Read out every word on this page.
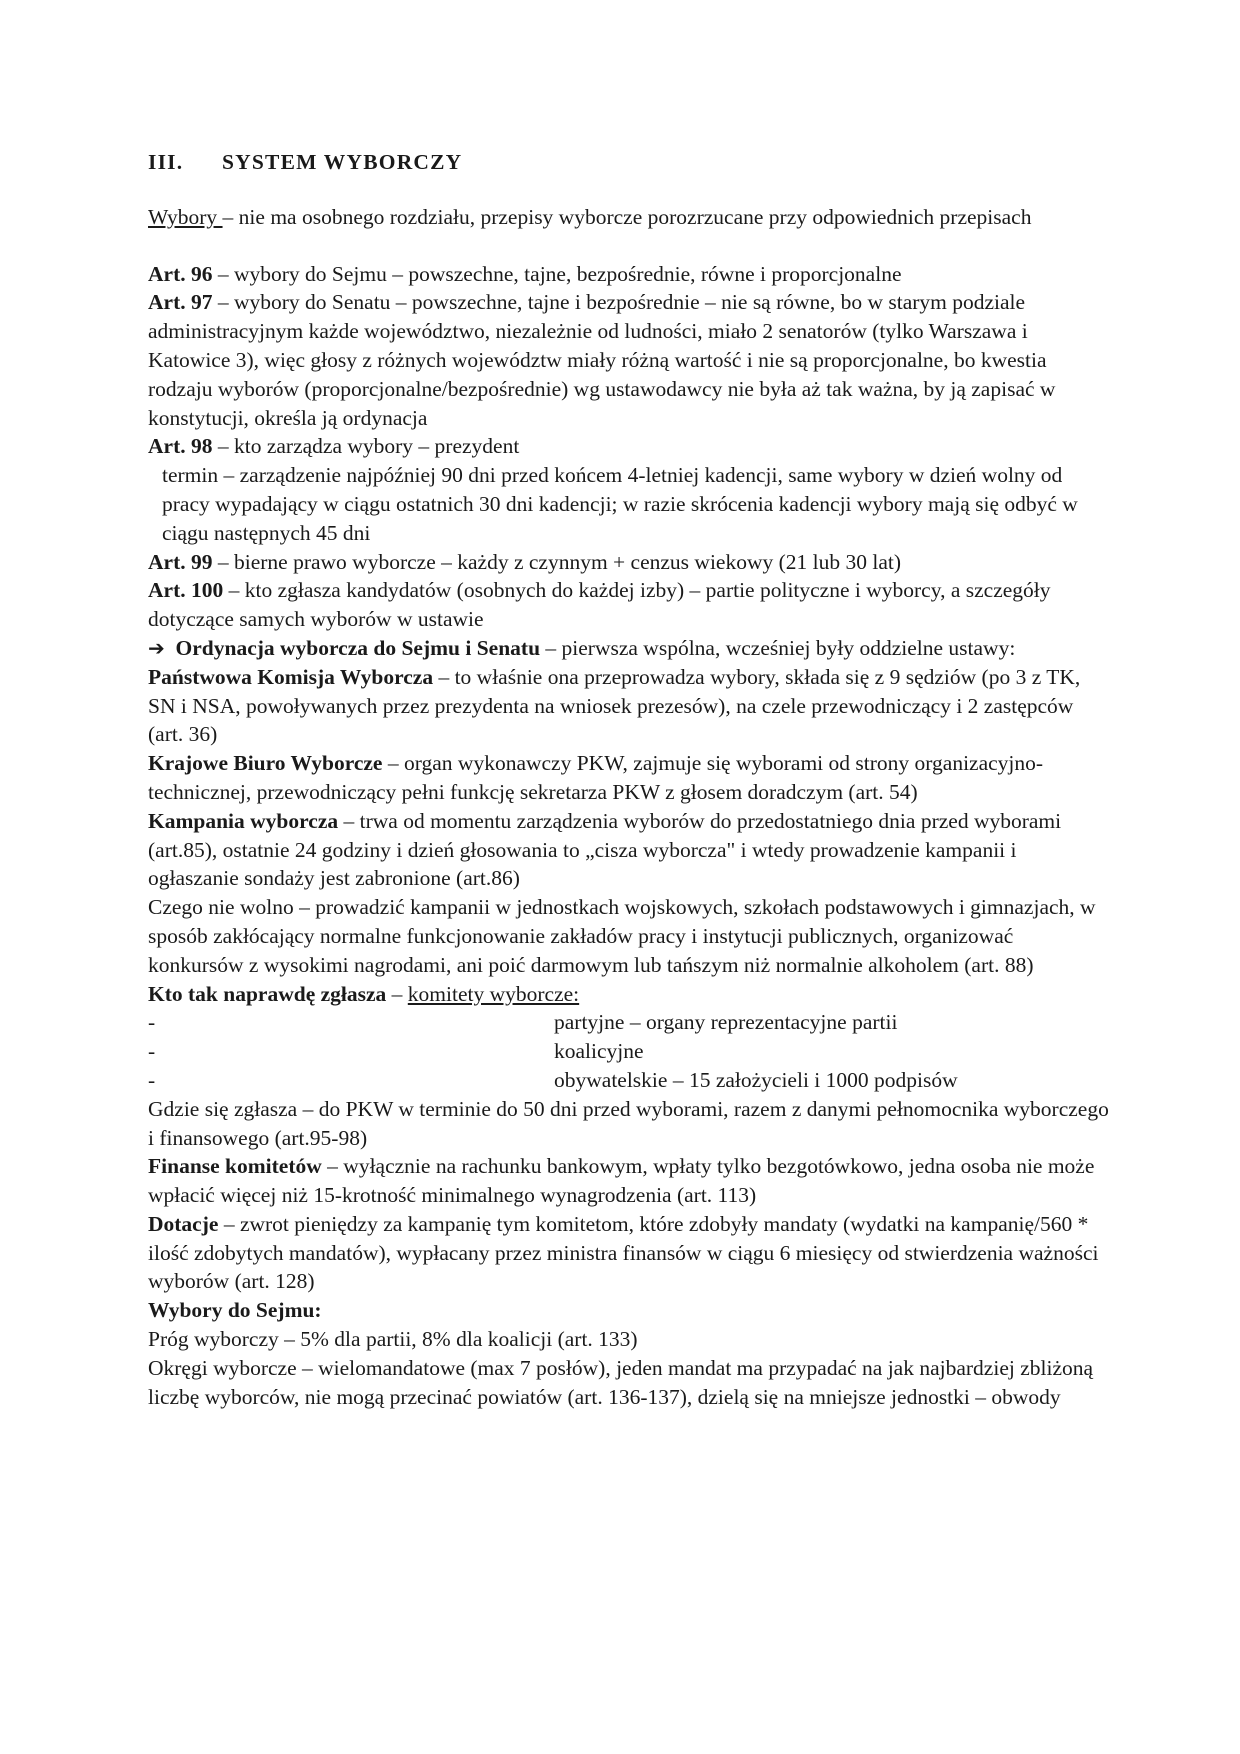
III.	SYSTEM WYBORCZY

Wybory – nie ma osobnego rozdziału, przepisy wyborcze porozrzucane przy odpowiednich przepisach

Art. 96 – wybory do Sejmu – powszechne, tajne, bezpośrednie, równe i proporcjonalne

Art. 97 – wybory do Senatu – powszechne, tajne i bezpośrednie – nie są równe, bo w starym podziale administracyjnym każde województwo, niezależnie od ludności, miało 2 senatorów (tylko Warszawa i Katowice 3), więc głosy z różnych województw miały różną wartość i nie są proporcjonalne, bo kwestia rodzaju wyborów (proporcjonalne/bezpośrednie) wg ustawodawcy nie była aż tak ważna, by ją zapisać w konstytucji, określa ją ordynacja

Art. 98 – kto zarządza wybory – prezydent

termin – zarządzenie najpóźniej 90 dni przed końcem 4-letniej kadencji, same wybory w dzień wolny od pracy wypadający w ciągu ostatnich 30 dni kadencji; w razie skrócenia kadencji wybory mają się odbyć w ciągu następnych 45 dni

Art. 99 – bierne prawo wyborcze – każdy z czynnym + cenzus wiekowy (21 lub 30 lat)

Art. 100 – kto zgłasza kandydatów (osobnych do każdej izby) – partie polityczne i wyborcy, a szczegóły dotyczące samych wyborów w ustawie

➔ Ordynacja wyborcza do Sejmu i Senatu – pierwsza wspólna, wcześniej były oddzielne ustawy:

Państwowa Komisja Wyborcza – to właśnie ona przeprowadza wybory, składa się z 9 sędziów (po 3 z TK, SN i NSA, powoływanych przez prezydenta na wniosek prezesów), na czele przewodniczący i 2 zastępców (art. 36)

Krajowe Biuro Wyborcze – organ wykonawczy PKW, zajmuje się wyborami od strony organizacyjno-technicznej, przewodniczący pełni funkcję sekretarza PKW z głosem doradczym (art. 54)

Kampania wyborcza – trwa od momentu zarządzenia wyborów do przedostatniego dnia przed wyborami (art.85), ostatnie 24 godziny i dzień głosowania to „cisza wyborcza" i wtedy prowadzenie kampanii i ogłaszanie sondaży jest zabronione (art.86)

Czego nie wolno – prowadzić kampanii w jednostkach wojskowych, szkołach podstawowych i gimnazjach, w sposób zakłócający normalne funkcjonowanie zakładów pracy i instytucji publicznych, organizować konkursów z wysokimi nagrodami, ani poić darmowym lub tańszym niż normalnie alkoholem (art. 88)

Kto tak naprawdę zgłasza – komitety wyborcze:

-	partyjne – organy reprezentacyjne partii
-	koalicyjne
-	obywatelskie – 15 założycieli i 1000 podpisów

Gdzie się zgłasza – do PKW w terminie do 50 dni przed wyborami, razem z danymi pełnomocnika wyborczego i finansowego (art.95-98)

Finanse komitetów – wyłącznie na rachunku bankowym, wpłaty tylko bezgotówkowo, jedna osoba nie może wpłacić więcej niż 15-krotność minimalnego wynagrodzenia (art. 113)

Dotacje – zwrot pieniędzy za kampanię tym komitetom, które zdobyły mandaty (wydatki na kampanię/560 * ilość zdobytych mandatów), wypłacany przez ministra finansów w ciągu 6 miesięcy od stwierdzenia ważności wyborów (art. 128)

Wybory do Sejmu:

Próg wyborczy – 5% dla partii, 8% dla koalicji (art. 133)

Okręgi wyborcze – wielomandatowe (max 7 posłów), jeden mandat ma przypadać na jak najbardziej zbliżoną liczbę wyborców, nie mogą przecinać powiatów (art. 136-137), dzielą się na mniejsze jednostki – obwody
